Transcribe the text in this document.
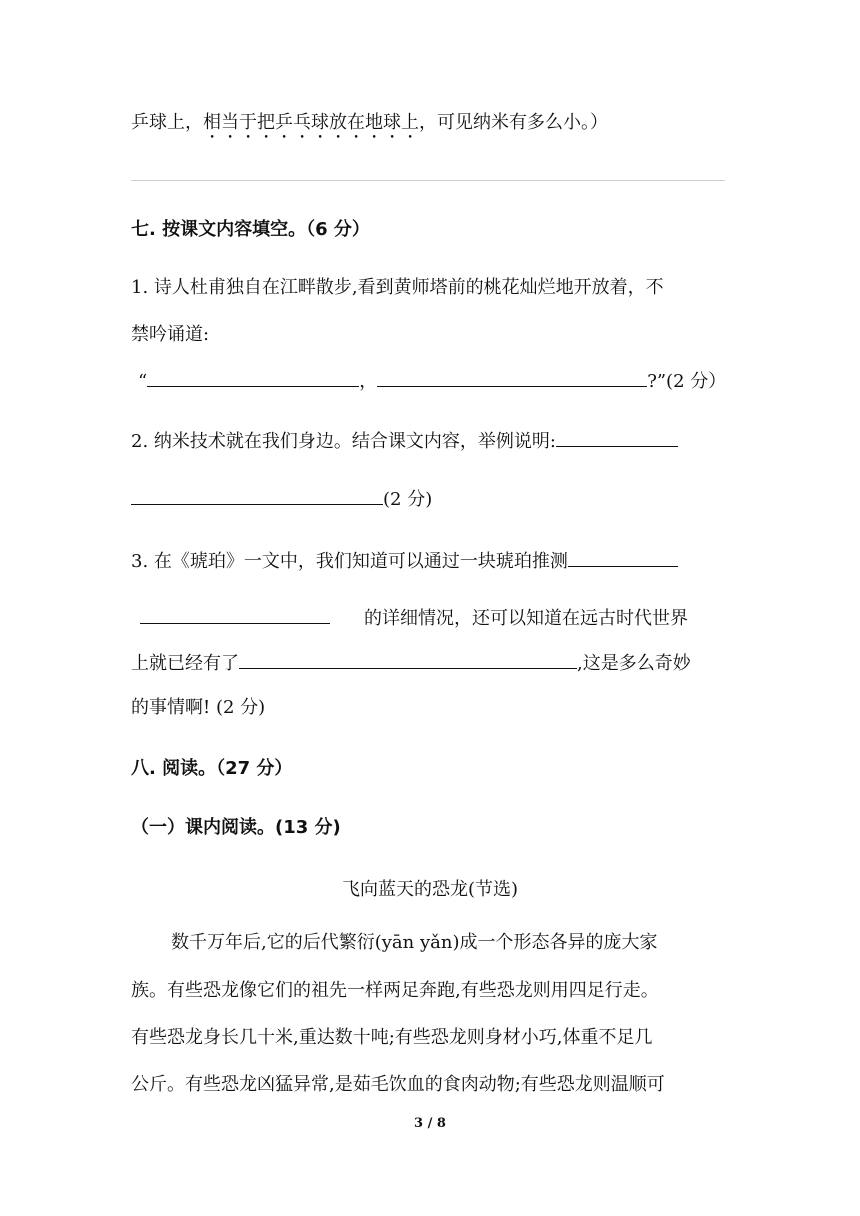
乒球上，相当于把乒乓球放在地球上，可见纳米有多么小。）
七. 按课文内容填空。（6 分）
1. 诗人杜甫独自在江畔散步,看到黄师塔前的桃花灿烂地开放着，不
禁吟诵道:
“	，	?”(2 分）
2. 纳米技术就在我们身边。结合课文内容，举例说明:
(2 分)
3. 在《琥珀》一文中，我们知道可以通过一块琥珀推测
的详细情况，还可以知道在远古时代世界
上就已经有了	,这是多么奇妙
的事情啊! (2 分)
八. 阅读。（27 分）
（一）课内阅读。(13 分)
飞向蓝天的恐龙(节选)
数千万年后,它的后代繁衍(yān yǎn)成一个形态各异的庞大家
族。有些恐龙像它们的祖先一样两足奔跑,有些恐龙则用四足行走。
有些恐龙身长几十米,重达数十吨;有些恐龙则身材小巧,体重不足几
公斤。有些恐龙凶猛异常,是茹毛饮血的食肉动物;有些恐龙则温顺可
3 / 8
